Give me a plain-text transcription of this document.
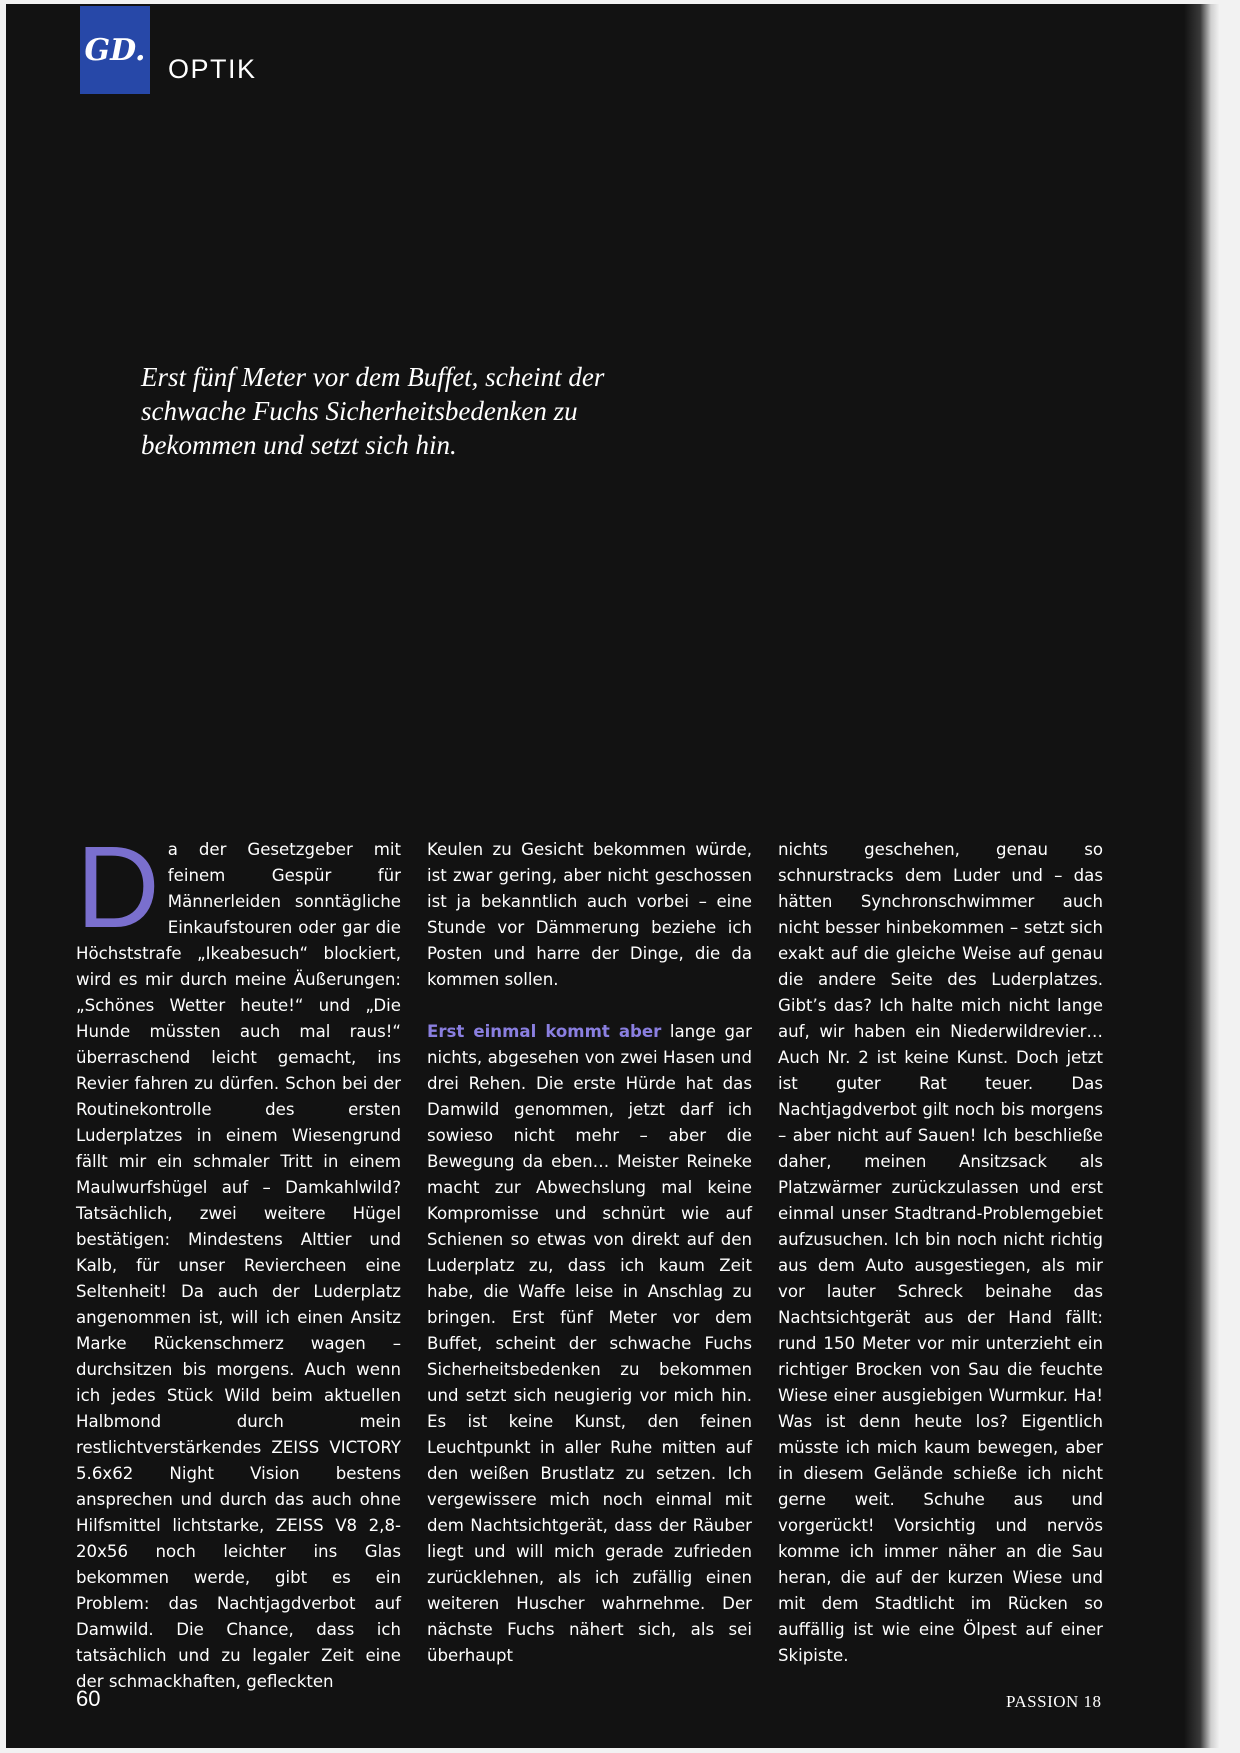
GD.
OPTIK

Erst fünf Meter vor dem Buffet, scheint der schwache Fuchs Sicherheitsbedenken zu bekommen und setzt sich hin.

D a der Gesetzgeber mit feinem Gespür für Männerleiden sonntägliche Einkaufstouren oder gar die Höchststrafe „Ikeabesuch“ blockiert, wird es mir durch meine Äußerungen: „Schönes Wetter heute!“ und „Die Hunde müssten auch mal raus!“ überraschend leicht gemacht, ins Revier fahren zu dürfen. Schon bei der Routinekontrolle des ersten Luderplatzes in einem Wiesengrund fällt mir ein schmaler Tritt in einem Maulwurfshügel auf – Damkahlwild? Tatsächlich, zwei weitere Hügel bestätigen: Mindestens Alttier und Kalb, für unser Reviercheen eine Seltenheit! Da auch der Luderplatz angenommen ist, will ich einen Ansitz Marke Rückenschmerz wagen – durchsitzen bis morgens. Auch wenn ich jedes Stück Wild beim aktuellen Halbmond durch mein restlichtverstärkendes ZEISS VICTORY 5.6x62 Night Vision bestens ansprechen und durch das auch ohne Hilfsmittel lichtstarke, ZEISS V8 2,8-20x56 noch leichter ins Glas bekommen werde, gibt es ein Problem: das Nachtjagdverbot auf Damwild. Die Chance, dass ich tatsächlich und zu legaler Zeit eine der schmackhaften, gefleckten

Keulen zu Gesicht bekommen würde, ist zwar gering, aber nicht geschossen ist ja bekanntlich auch vorbei – eine Stunde vor Dämmerung beziehe ich Posten und harre der Dinge, die da kommen sollen.

Erst einmal kommt aber lange gar nichts, abgesehen von zwei Hasen und drei Rehen. Die erste Hürde hat das Damwild genommen, jetzt darf ich sowieso nicht mehr – aber die Bewegung da eben… Meister Reineke macht zur Abwechslung mal keine Kompromisse und schnürt wie auf Schienen so etwas von direkt auf den Luderplatz zu, dass ich kaum Zeit habe, die Waffe leise in Anschlag zu bringen. Erst fünf Meter vor dem Buffet, scheint der schwache Fuchs Sicherheitsbedenken zu bekommen und setzt sich neugierig vor mich hin. Es ist keine Kunst, den feinen Leuchtpunkt in aller Ruhe mitten auf den weißen Brustlatz zu setzen. Ich vergewissere mich noch einmal mit dem Nachtsichtgerät, dass der Räuber liegt und will mich gerade zufrieden zurücklehnen, als ich zufällig einen weiteren Huscher wahrnehme. Der nächste Fuchs nähert sich, als sei überhaupt

nichts geschehen, genau so schnurstracks dem Luder und – das hätten Synchronschwimmer auch nicht besser hinbekommen – setzt sich exakt auf die gleiche Weise auf genau die andere Seite des Luderplatzes. Gibt’s das? Ich halte mich nicht lange auf, wir haben ein Niederwildrevier… Auch Nr. 2 ist keine Kunst. Doch jetzt ist guter Rat teuer. Das Nachtjagdverbot gilt noch bis morgens – aber nicht auf Sauen! Ich beschließe daher, meinen Ansitzsack als Platzwärmer zurückzulassen und erst einmal unser Stadtrand-Problemgebiet aufzusuchen. Ich bin noch nicht richtig aus dem Auto ausgestiegen, als mir vor lauter Schreck beinahe das Nachtsichtgerät aus der Hand fällt: rund 150 Meter vor mir unterzieht ein richtiger Brocken von Sau die feuchte Wiese einer ausgiebigen Wurmkur. Ha! Was ist denn heute los? Eigentlich müsste ich mich kaum bewegen, aber in diesem Gelände schieße ich nicht gerne weit. Schuhe aus und vorgerückt! Vorsichtig und nervös komme ich immer näher an die Sau heran, die auf der kurzen Wiese und mit dem Stadtlicht im Rücken so auffällig ist wie eine Ölpest auf einer Skipiste.

60	PASSION 18
